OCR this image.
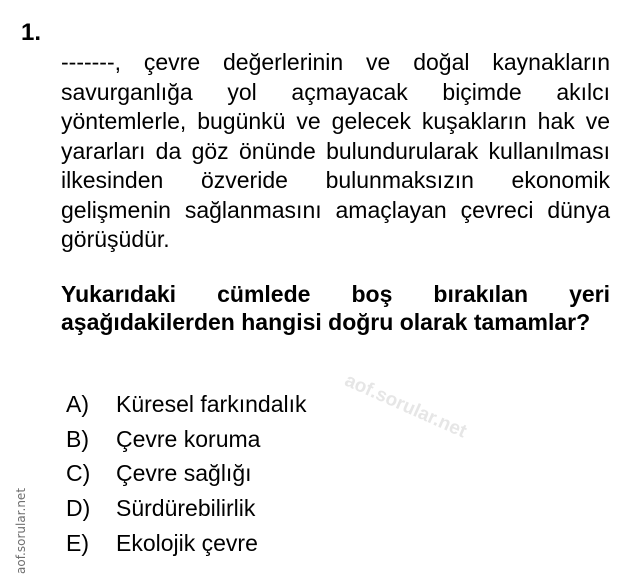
1.
-------, çevre değerlerinin ve doğal kaynakların savurganlığa yol açmayacak biçimde akılcı yöntemlerle, bugünkü ve gelecek kuşakların hak ve yararları da göz önünde bulundurularak kullanılması ilkesinden özveride bulunmaksızın ekonomik gelişmenin sağlanmasını amaçlayan çevreci dünya görüşüdür.
Yukarıdaki cümlede boş bırakılan yeri aşağıdakilerden hangisi doğru olarak tamamlar?
A)	Küresel farkındalık
B)	Çevre koruma
C)	Çevre sağlığı
D)	Sürdürebilirlik
E)	Ekolojik çevre
aof.sorular.net
aof.sorular.net
